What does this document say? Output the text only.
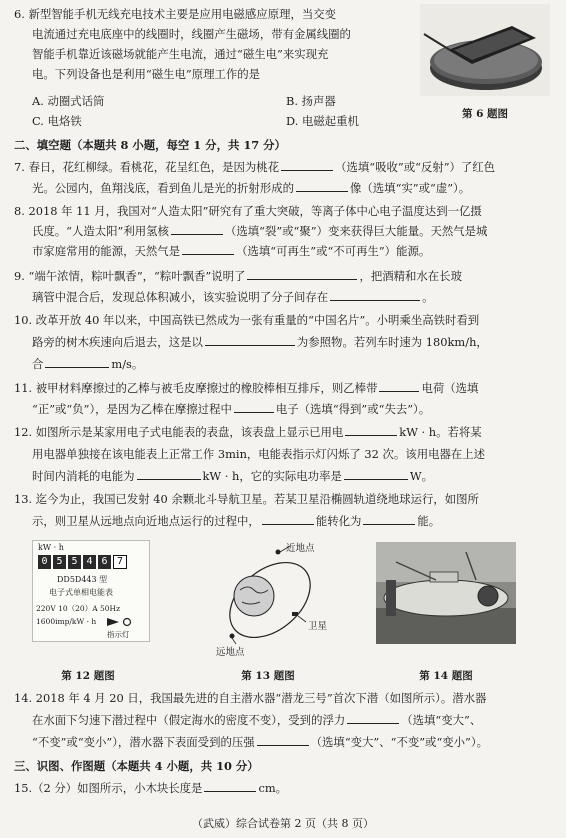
6. 新型智能手机无线充电技术主要是应用电磁感应原理，当交变
电流通过充电底座中的线圈时，线圈产生磁场，带有金属线圈的
智能手机靠近该磁场就能产生电流，通过“磁生电”来实现充
电。下列设备也是利用“磁生电”原理工作的是
A. 动圈式话筒	B. 扬声器
C. 电烙铁	D. 电磁起重机	第 6 题图
二、填空题（本题共 8 小题，每空 1 分，共 17 分）
7. 春日，花红柳绿。看桃花，花呈红色，是因为桃花	（选填“吸收”或“反射”）了红色
光。公园内，鱼翔浅底，看到鱼儿是光的折射形成的	像（选填“实”或“虚”）。
8. 2018 年 11 月，我国对“人造太阳”研究有了重大突破，等离子体中心电子温度达到一亿摄
氏度。“人造太阳”利用氢核	（选填“裂”或“聚”）变来获得巨大能量。天然气是城
市家庭常用的能源，天然气是	（选填“可再生”或“不可再生”）能源。
9. “端午浓情，粽叶飘香”，“粽叶飘香”说明了	，把酒精和水在长玻
璃管中混合后，发现总体积减小，该实验说明了分子间存在	。
10. 改革开放 40 年以来，中国高铁已然成为一张有重量的“中国名片”。小明乘坐高铁时看到
路旁的树木疾速向后退去，这是以	为参照物。若列车时速为 180km/h，
合	m/s。
11. 被甲材料摩擦过的乙棒与被毛皮摩擦过的橡胶棒相互排斥，则乙棒带	电荷（选填
“正”或“负”），是因为乙棒在摩擦过程中	电子（选填“得到”或“失去”）。
12. 如图所示是某家用电子式电能表的表盘，该表盘上显示已用电	kW · h。若将某
用电器单独接在该电能表上正常工作 3min，电能表指示灯闪烁了 32 次。该用电器在上述
时间内消耗的电能为	kW · h，它的实际电功率是	W。
13. 迄今为止，我国已发射 40 余颗北斗导航卫星。若某卫星沿椭圆轨道绕地球运行，如图所
示，则卫星从远地点向近地点运行的过程中，	能转化为	能。
kW · h
0 5 5 4 6 7
DD5D443 型
电子式单相电能表
220V 10（20）A 50Hz
1600imp/kW · h
指示灯
近地点
卫星
远地点
第 12 题图	第 13 题图	第 14 题图
14. 2018 年 4 月 20 日，我国最先进的自主潜水器“潜龙三号”首次下潜（如图所示）。潜水器
在水面下匀速下潜过程中（假定海水的密度不变），受到的浮力	（选填“变大”、
“不变”或“变小”），潜水器下表面受到的压强	（选填“变大”、“不变”或“变小”）。
三、识图、作图题（本题共 4 小题，共 10 分）
15.（2 分）如图所示，小木块长度是	cm。
（武威）综合试卷第 2 页（共 8 页）
